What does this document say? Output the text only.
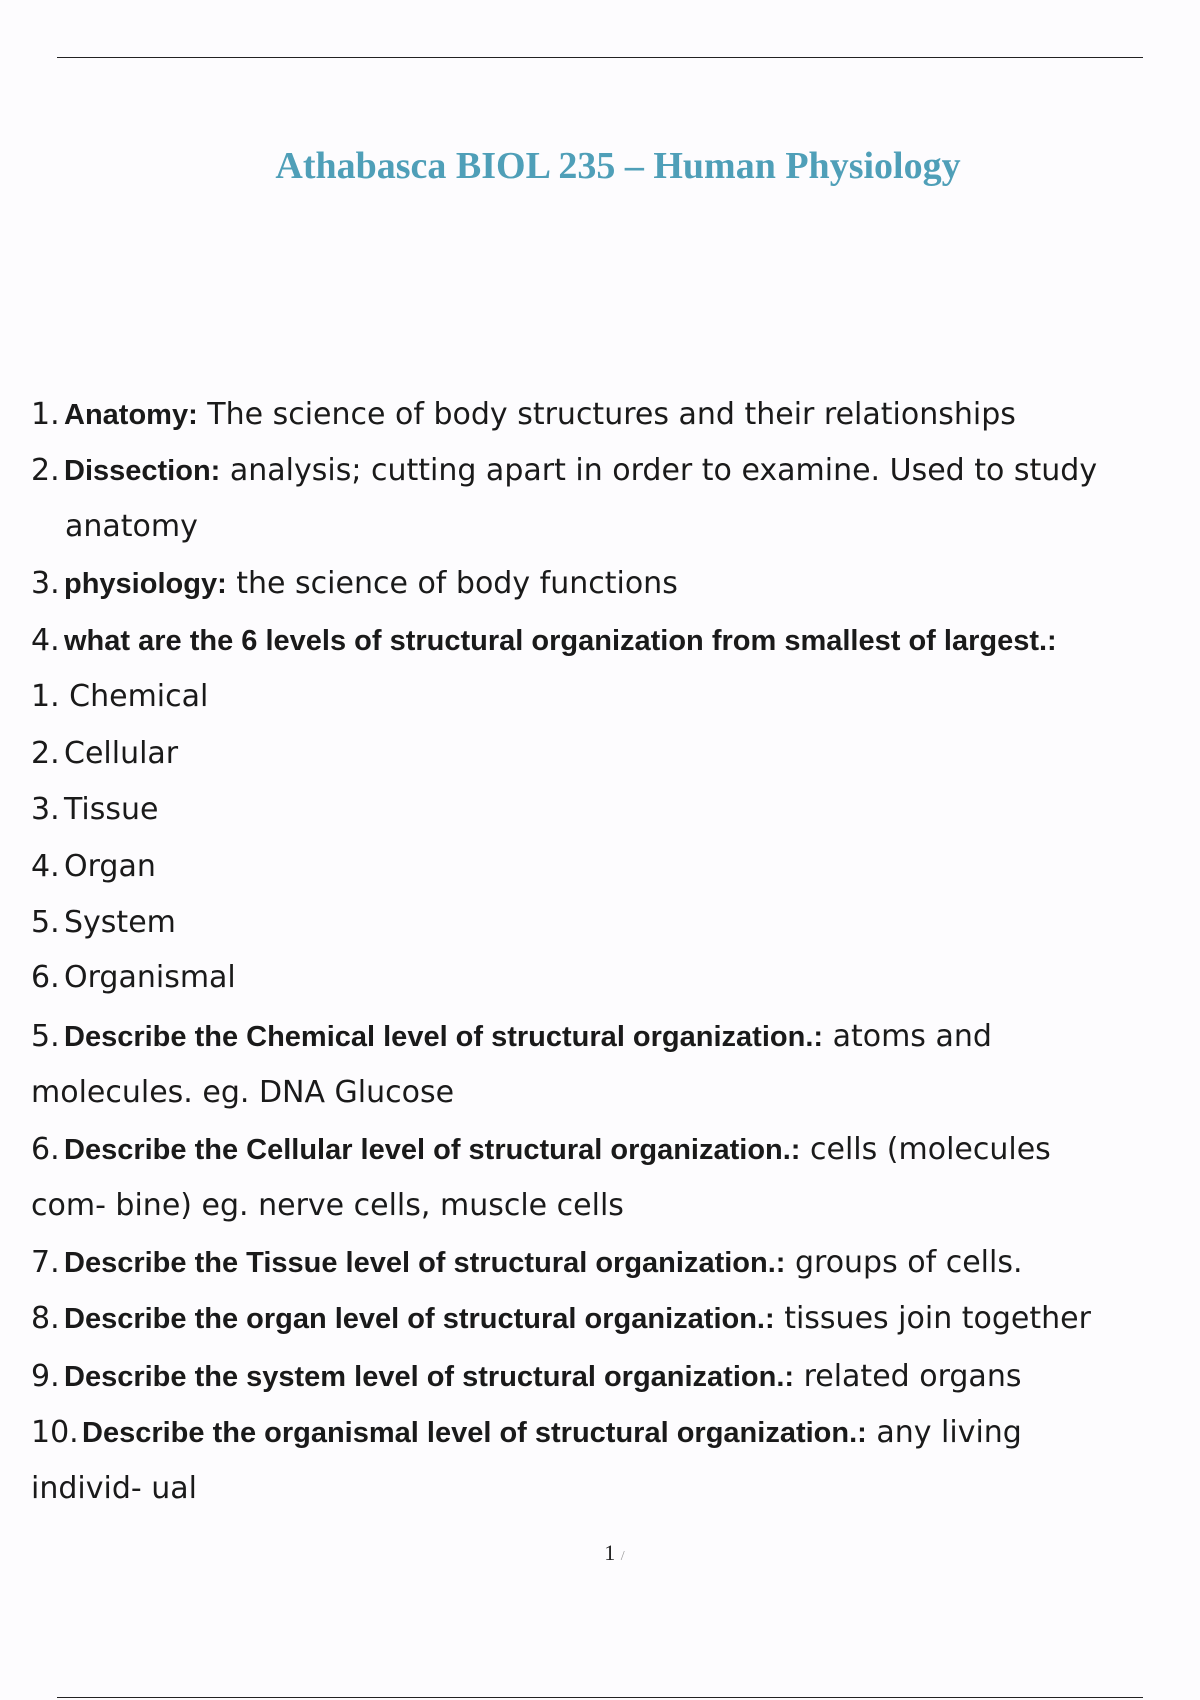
Athabasca BIOL 235 – Human Physiology
1. Anatomy: The science of body structures and their relationships
2. Dissection: analysis; cutting apart in order to examine. Used to study
anatomy
3. physiology: the science of body functions
4. what are the 6 levels of structural organization from smallest of largest.:
1. Chemical
2. Cellular
3. Tissue
4. Organ
5. System
6. Organismal
5. Describe the Chemical level of structural organization.: atoms and
molecules. eg. DNA Glucose
6. Describe the Cellular level of structural organization.: cells (molecules
com- bine) eg. nerve cells, muscle cells
7. Describe the Tissue level of structural organization.: groups of cells.
8. Describe the organ level of structural organization.: tissues join together
9. Describe the system level of structural organization.: related organs
10. Describe the organismal level of structural organization.: any living
individ- ual
1 /
